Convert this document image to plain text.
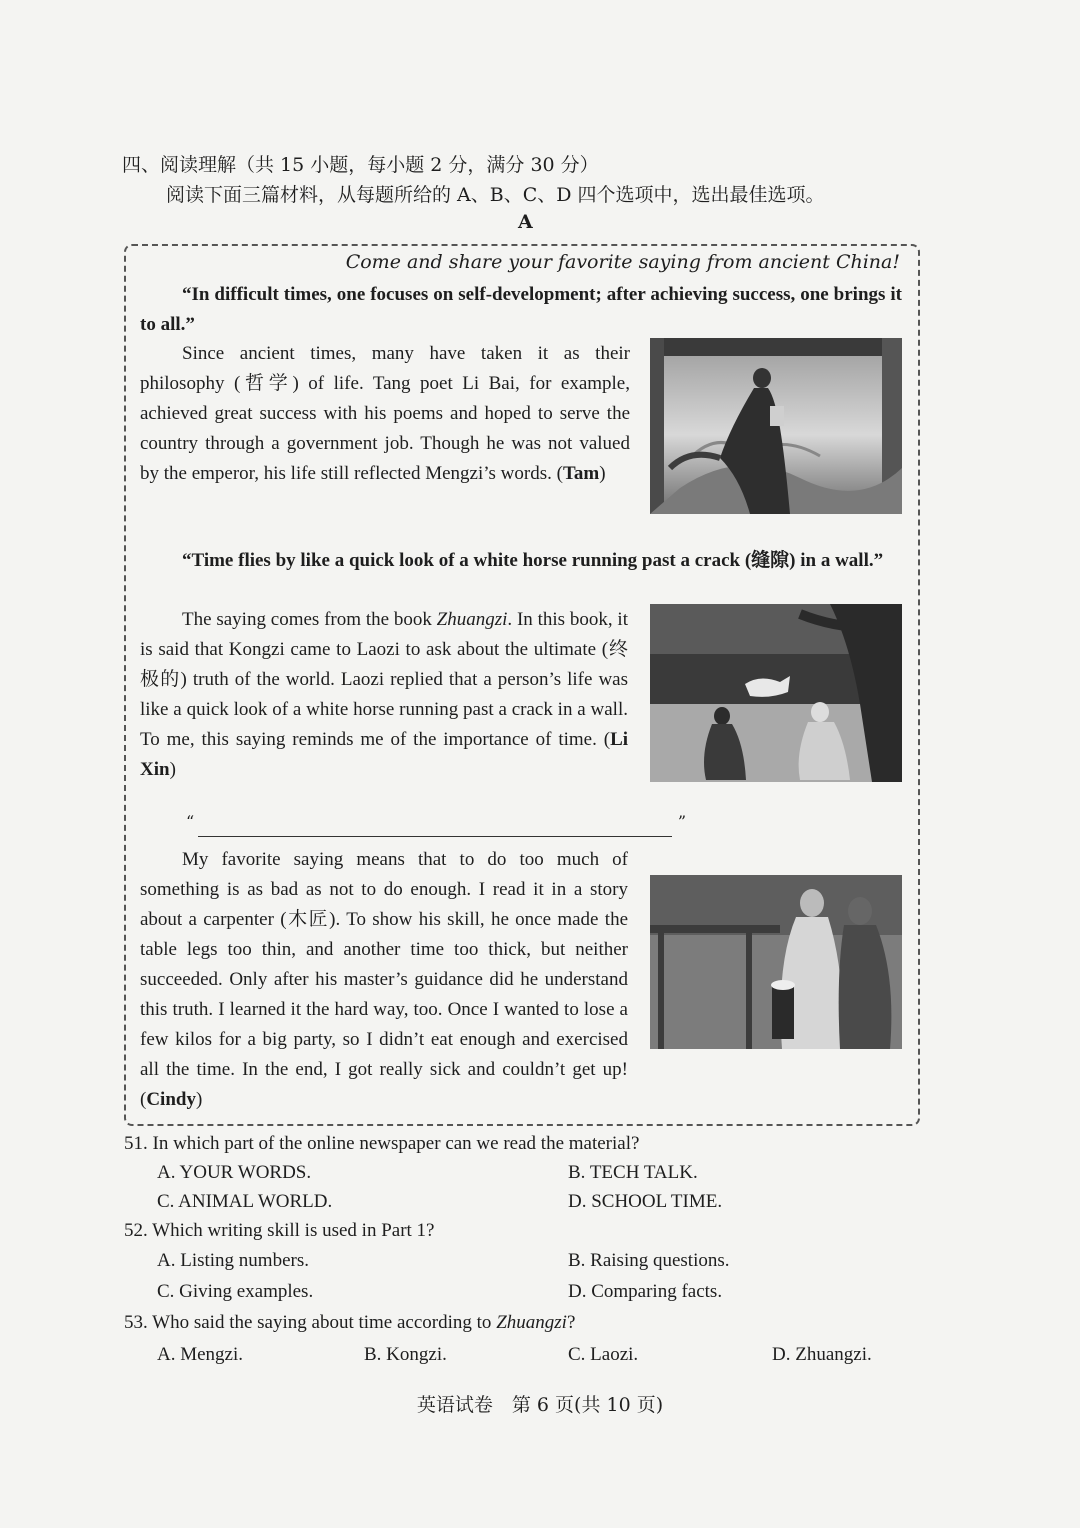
四、阅读理解（共 15 小题，每小题 2 分，满分 30 分）
阅读下面三篇材料，从每题所给的 A、B、C、D 四个选项中，选出最佳选项。
A
Come and share your favorite saying from ancient China!
“In difficult times, one focuses on self-development; after achieving success, one brings it to all.”
Since ancient times, many have taken it as their philosophy (哲学) of life. Tang poet Li Bai, for example, achieved great success with his poems and hoped to serve the country through a government job. Though he was not valued by the emperor, his life still reflected Mengzi’s words. (Tam)
“Time flies by like a quick look of a white horse running past a crack (缝隙) in a wall.”
The saying comes from the book Zhuangzi. In this book, it is said that Kongzi came to Laozi to ask about the ultimate (终极的) truth of the world. Laozi replied that a person’s life was like a quick look of a white horse running past a crack in a wall. To me, this saying reminds me of the importance of time. (Li Xin)
“	”
My favorite saying means that to do too much of something is as bad as not to do enough. I read it in a story about a carpenter (木匠). To show his skill, he once made the table legs too thin, and another time too thick, but neither succeeded. Only after his master’s guidance did he understand this truth. I learned it the hard way, too. Once I wanted to lose a few kilos for a big party, so I didn’t eat enough and exercised all the time. In the end, I got really sick and couldn’t get up! (Cindy)
51. In which part of the online newspaper can we read the material?
A. YOUR WORDS.	B. TECH TALK.
C. ANIMAL WORLD.	D. SCHOOL TIME.
52. Which writing skill is used in Part 1?
A. Listing numbers.	B. Raising questions.
C. Giving examples.	D. Comparing facts.
53. Who said the saying about time according to Zhuangzi?
A. Mengzi.	B. Kongzi.	C. Laozi.	D. Zhuangzi.
英语试卷　第 6 页(共 10 页)
